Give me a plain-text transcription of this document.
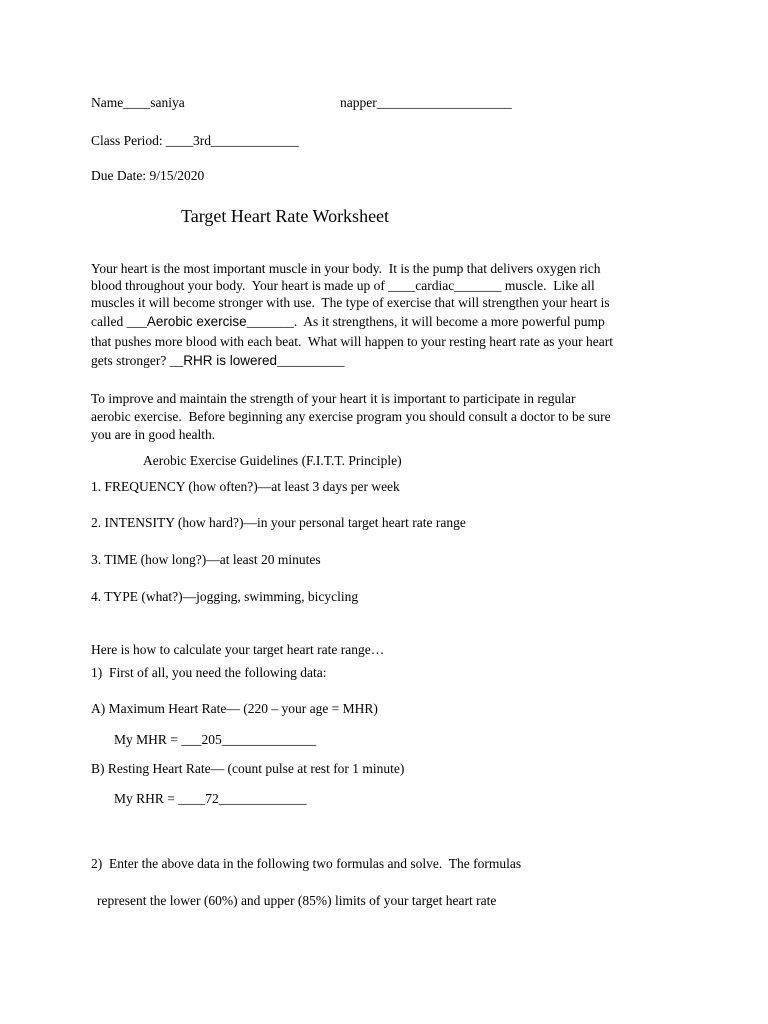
Name____saniya	napper____________________
Class Period: ____3rd_____________
Due Date: 9/15/2020
Target Heart Rate Worksheet
Your heart is the most important muscle in your body.  It is the pump that delivers oxygen rich
blood throughout your body.  Your heart is made up of ____cardiac_______ muscle.  Like all
muscles it will become stronger with use.  The type of exercise that will strengthen your heart is
called ___Aerobic exercise_______.  As it strengthens, it will become a more powerful pump
that pushes more blood with each beat.  What will happen to your resting heart rate as your heart
gets stronger? __RHR is lowered__________
To improve and maintain the strength of your heart it is important to participate in regular
aerobic exercise.  Before beginning any exercise program you should consult a doctor to be sure
you are in good health.
Aerobic Exercise Guidelines (F.I.T.T. Principle)
1. FREQUENCY (how often?)—at least 3 days per week
2. INTENSITY (how hard?)—in your personal target heart rate range
3. TIME (how long?)—at least 20 minutes
4. TYPE (what?)—jogging, swimming, bicycling
Here is how to calculate your target heart rate range…
1)  First of all, you need the following data:
A) Maximum Heart Rate— (220 – your age = MHR)
My MHR = ___205______________
B) Resting Heart Rate— (count pulse at rest for 1 minute)
My RHR = ____72_____________
2)  Enter the above data in the following two formulas and solve.  The formulas
represent the lower (60%) and upper (85%) limits of your target heart rate
